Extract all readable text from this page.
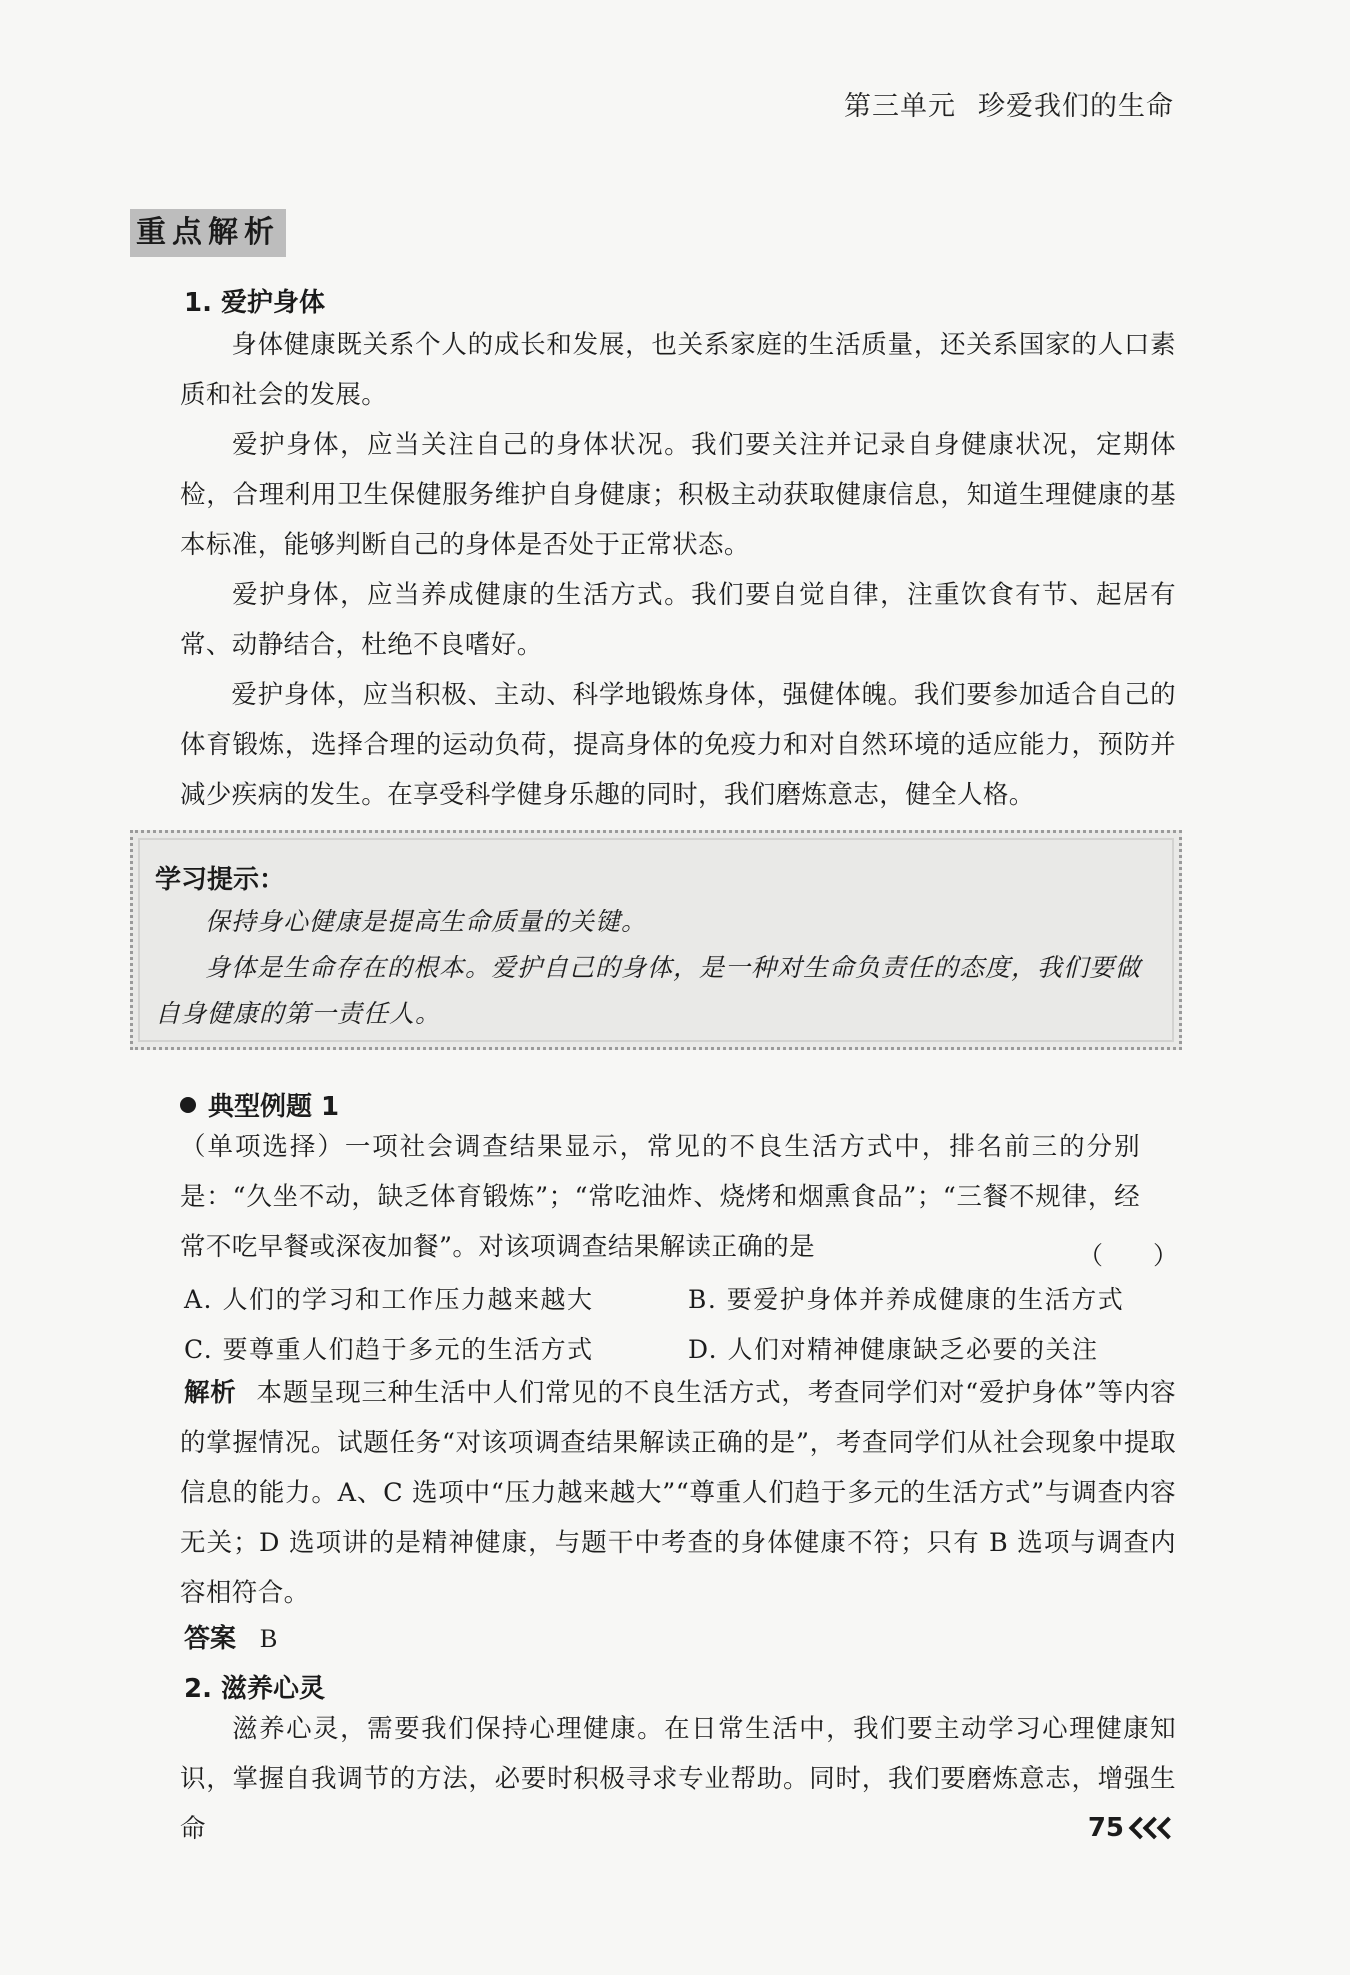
第三单元 珍爱我们的生命
重点解析
1. 爱护身体

身体健康既关系个人的成长和发展，也关系家庭的生活质量，还关系国家的人口素质和社会的发展。

爱护身体，应当关注自己的身体状况。我们要关注并记录自身健康状况，定期体检，合理利用卫生保健服务维护自身健康；积极主动获取健康信息，知道生理健康的基本标准，能够判断自己的身体是否处于正常状态。

爱护身体，应当养成健康的生活方式。我们要自觉自律，注重饮食有节、起居有常、动静结合，杜绝不良嗜好。

爱护身体，应当积极、主动、科学地锻炼身体，强健体魄。我们要参加适合自己的体育锻炼，选择合理的运动负荷，提高身体的免疫力和对自然环境的适应能力，预防并减少疾病的发生。在享受科学健身乐趣的同时，我们磨炼意志，健全人格。

学习提示：

保持身心健康是提高生命质量的关键。

身体是生命存在的根本。爱护自己的身体，是一种对生命负责任的态度，我们要做自身健康的第一责任人。

典型例题 1

（单项选择）一项社会调查结果显示，常见的不良生活方式中，排名前三的分别是：“久坐不动，缺乏体育锻炼”；“常吃油炸、烧烤和烟熏食品”；“三餐不规律，经常不吃早餐或深夜加餐”。对该项调查结果解读正确的是	（　　）
A. 人们的学习和工作压力越来越大	B. 要爱护身体并养成健康的生活方式
C. 要尊重人们趋于多元的生活方式	D. 人们对精神健康缺乏必要的关注

解析 本题呈现三种生活中人们常见的不良生活方式，考查同学们对“爱护身体”等内容的掌握情况。试题任务“对该项调查结果解读正确的是”，考查同学们从社会现象中提取信息的能力。A、C 选项中“压力越来越大”“尊重人们趋于多元的生活方式”与调查内容无关；D 选项讲的是精神健康，与题干中考查的身体健康不符；只有 B 选项与调查内容相符合。

答案 B
2. 滋养心灵

滋养心灵，需要我们保持心理健康。在日常生活中，我们要主动学习心理健康知识，掌握自我调节的方法，必要时积极寻求专业帮助。同时，我们要磨炼意志，增强生命	75
